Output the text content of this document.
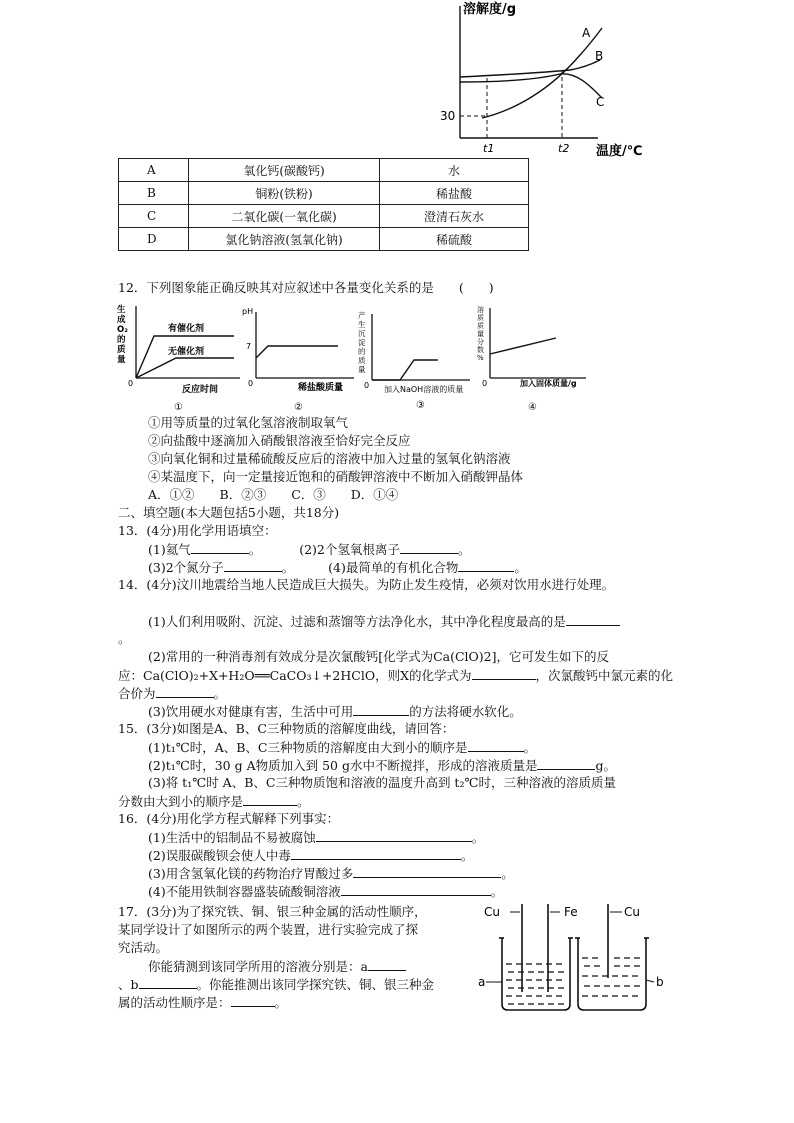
溶解度/g
温度/℃
30
t1	t2
A
B
C
A	氧化钙(碳酸钙)	水
B	铜粉(铁粉)	稀盐酸
C	二氧化碳(一氧化碳)	澄清石灰水
D	氯化钠溶液(氢氧化钠)	稀硫酸
12．下列图象能正确反映其对应叙述中各量变化关系的是　　(　　)
生成 O₂ 的质量
有催化剂
无催化剂
0
反应时间
①
pH
7
0	稀盐酸质量
②
产生沉淀的质量
0 加入NaOH溶液的质量
③
溶质质量分数%
0	加入固体质量/g
④
①用等质量的过氧化氢溶液制取氧气
②向盐酸中逐滴加入硝酸银溶液至恰好完全反应
③向氧化铜和过量稀硫酸反应后的溶液中加入过量的氢氧化钠溶液
④某温度下，向一定量接近饱和的硝酸钾溶液中不断加入硝酸钾晶体
A．①②　　B．②③　　C．③　　D．①④
二、填空题(本大题包括5小题，共18分)
13．(4分)用化学用语填空：
(1)氦气	。	(2)2个氢氧根离子	。
(3)2个氮分子	。	(4)最简单的有机化合物	。
14．(4分)汶川地震给当地人民造成巨大损失。为防止发生疫情，必须对饮用水进行处理。
(1)人们利用吸附、沉淀、过滤和蒸馏等方法净化水，其中净化程度最高的是
。
(2)常用的一种消毒剂有效成分是次氯酸钙[化学式为Ca(ClO)2]，它可发生如下的反
应：Ca(ClO)₂+X+H₂O══CaCO₃↓+2HClO，则X的化学式为	，次氯酸钙中氯元素的化
合价为	。
(3)饮用硬水对健康有害，生活中可用	的方法将硬水软化。
15．(3分)如图是A、B、C三种物质的溶解度曲线，请回答：
(1)t₁℃时，A、B、C三种物质的溶解度由大到小的顺序是	。
(2)t₁℃时，30 g A物质加入到 50 g水中不断搅拌，形成的溶液质量是	g。
(3)将 t₁℃时 A、B、C三种物质饱和溶液的温度升高到 t₂℃时，三种溶液的溶质质量
分数由大到小的顺序是	。
16．(4分)用化学方程式解释下列事实：
(1)生活中的铝制品不易被腐蚀	。
(2)误服碳酸钡会使人中毒	。
(3)用含氢氧化镁的药物治疗胃酸过多	。
(4)不能用铁制容器盛装硫酸铜溶液	。
17．(3分)为了探究铁、铜、银三种金属的活动性顺序，
某同学设计了如图所示的两个装置，进行实验完成了探
究活动。
你能猜测到该同学所用的溶液分别是：a
、b	。你能推测出该同学探究铁、铜、银三种金
属的活动性顺序是：	。
Cu	Fe
a
Cu
b
